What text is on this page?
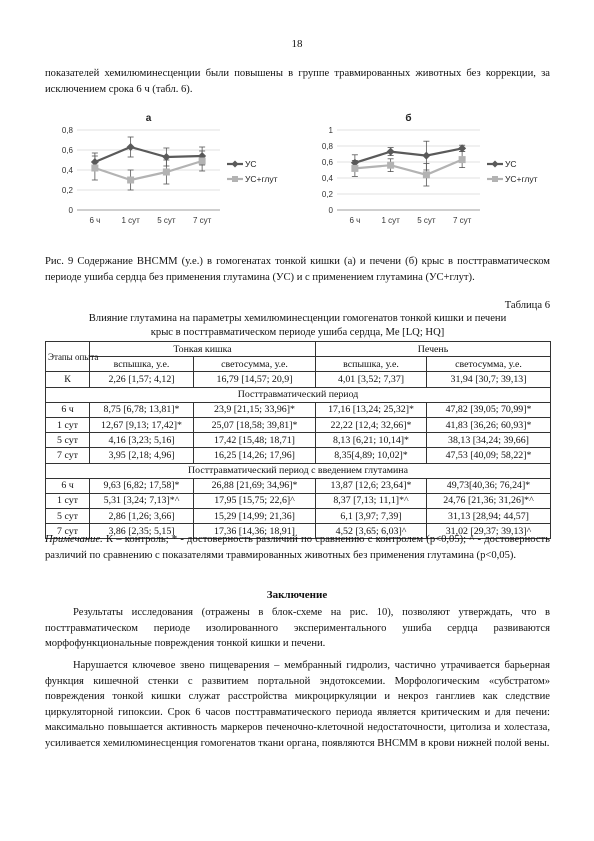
18
показателей хемилюминесценции были повышены в группе травмированных животных без коррекции, за исключением срока 6 ч (табл. 6).
а
0
0,2
0,4
0,6
0,8
6 ч	1 сут 5 сут 7 сут
УС
УС+глут
б
0
0,2
0,4
0,6
0,8
1
6 ч	1 сут 5 сут 7 сут
УС
УС+глут
Рис. 9 Содержание ВНСММ (у.е.) в гомогенатах тонкой кишки (а) и печени (б) крыс в посттравматическом периоде ушиба сердца без применения глутамина (УС) и с применением глутамина (УС+глут).
Таблица 6
Влияние глутамина на параметры хемилюминесценции гомогенатов тонкой кишки и печени
крыс в посттравматическом периоде ушиба сердца, Ме [LQ; HQ]
Этапы опыта	Тонкая кишка		Печень	
	вспышка, у.е.	светосумма, у.е.	вспышка, у.е.	светосумма, у.е.
К	2,26 [1,57; 4,12]	16,79 [14,57; 20,9]	4,01 [3,52; 7,37]	31,94 [30,7; 39,13]
Посттравматический период				
6 ч	8,75 [6,78; 13,81]*	23,9 [21,15; 33,96]*	17,16 [13,24; 25,32]*	47,82 [39,05; 70,99]*
1 сут	12,67 [9,13; 17,42]*	25,07 [18,58; 39,81]*	22,22 [12,4; 32,66]*	41,83 [36,26; 60,93]*
5 сут	4,16 [3,23; 5,16]	17,42 [15,48; 18,71]	8,13 [6,21; 10,14]*	38,13 [34,24; 39,66]
7 сут	3,95 [2,18; 4,96]	16,25 [14,26; 17,96]	8,35[4,89; 10,02]*	47,53 [40,09; 58,22]*
Посттравматический период с введением глутамина				
6 ч	9,63 [6,82; 17,58]*	26,88 [21,69; 34,96]*	13,87 [12,6; 23,64]*	49,73[40,36; 76,24]*
1 сут	5,31 [3,24; 7,13]*^	17,95 [15,75; 22,6]^	8,37 [7,13; 11,1]*^	24,76 [21,36; 31,26]*^
5 сут	2,86 [1,26; 3,66]	15,29 [14,99; 21,36]	6,1 [3,97; 7,39]	31,13 [28,94; 44,57]
7 сут	3,86 [2,35; 5,15]	17,36 [14,36; 18,91]	4,52 [3,65; 6,03]^	31,02 [29,37; 39,13]^
Примечание. К – контроль; * - достоверность различий по сравнению с контролем (p<0,05); ^ - достоверность различий по сравнению с показателями травмированных животных без применения глутамина (p<0,05).
Заключение
Результаты исследования (отражены в блок-схеме на рис. 10), позволяют утверждать, что в посттравматическом периоде изолированного экспериментального ушиба сердца развиваются морфофункциональные повреждения тонкой кишки и печени.
Нарушается ключевое звено пищеварения – мембранный гидролиз, частично утрачивается барьерная функция кишечной стенки с развитием портальной эндотоксемии. Морфологическим «субстратом» повреждения тонкой кишки служат расстройства микроциркуляции и некроз ганглиев как следствие циркуляторной гипоксии. Срок 6 часов посттравматического периода является критическим и для печени: максимально повышается активность маркеров печеночно-клеточной недостаточности, цитолиза и холестаза, усиливается хемилюминесценция гомогенатов ткани органа, появляются ВНСММ в крови нижней полой вены.
